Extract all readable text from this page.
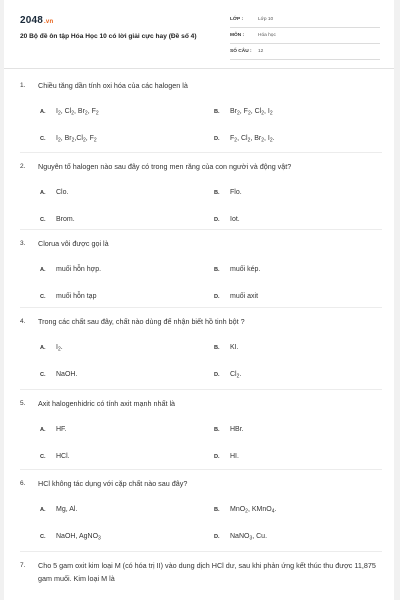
2048.vn
20 Bộ đề ôn tập Hóa Học 10 có lời giải cực hay (Đề số 4)
LỚP :	Lớp 10
MÔN :	Hóa học
SỐ CÂU : 12
1. Chiều tăng dần tính oxi hóa của các halogen là
A. $I_2$, $Cl_2$, $Br_2$, $F_2$	B. $Br_2$, $F_2$, $Cl_2$, $I_2$
C. $I_2$, $Br_2,Cl_2$, $F_2$	D. $F_2$, $Cl_2$, $Br_2$, $I_2$.
2. Nguyên tố halogen nào sau đây có trong men răng của con người và động vật?
A. Clo.	B. Flo.
C. Brom.	D. Iot.
3. Clorua vôi được gọi là
A. muối hỗn hợp.	B. muối kép.
C. muối hỗn tạp	D. muối axit
4. Trong các chất sau đây, chất nào dùng để nhận biết hồ tinh bột ?
A. $I_2$.	B. KI.
C. NaOH.	D. $Cl_2$.
5. Axit halogenhidric có tính axit mạnh nhất là
A. HF.	B. HBr.
C. HCl.	D. HI.
6. HCl không tác dụng với cặp chất nào sau đây?
A. Mg, Al.	B. MnO$_2$, KMnO$_4$.
C. NaOH, AgNO$_3$	D. NaNO$_3$, Cu.
7. Cho 5 gam oxit kim loại M (có hóa trị II) vào dung dịch HCl dư, sau khi phản ứng kết thúc thu được 11,875 gam muối. Kim loại M là
